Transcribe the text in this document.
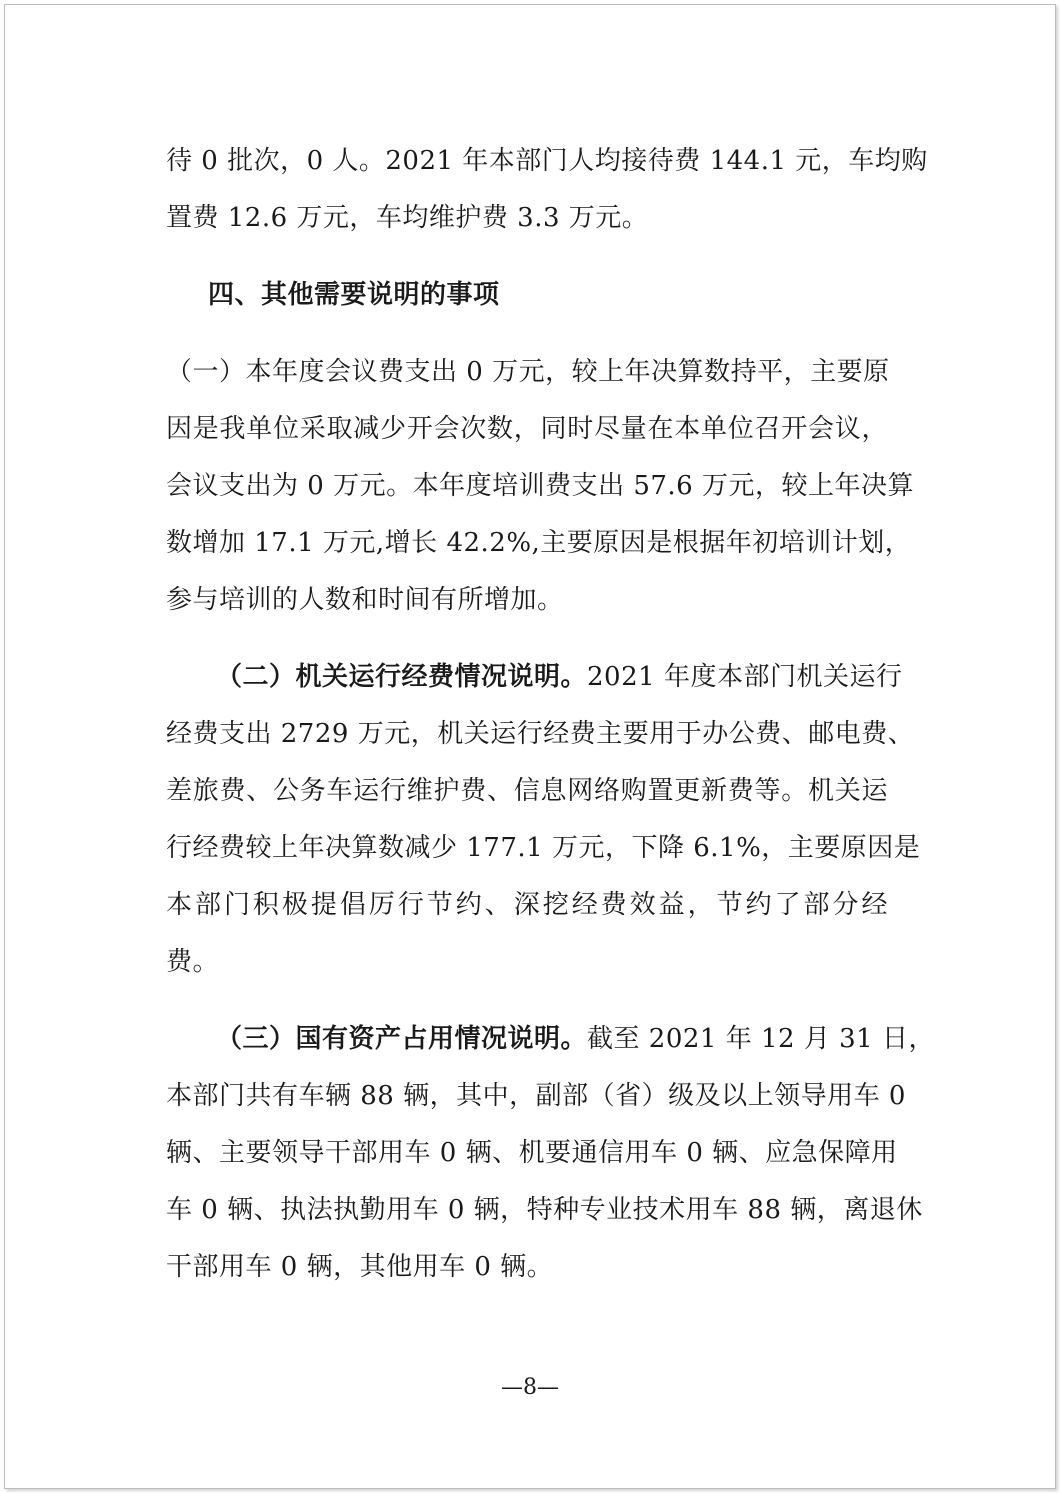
待 0 批次，0 人。2021 年本部门人均接待费 144.1 元，车均购
置费 12.6 万元，车均维护费 3.3 万元。
四、其他需要说明的事项
（一）本年度会议费支出 0 万元，较上年决算数持平，主要原
因是我单位采取减少开会次数，同时尽量在本单位召开会议，
会议支出为 0 万元。本年度培训费支出 57.6 万元，较上年决算
数增加 17.1 万元,增长 42.2%,主要原因是根据年初培训计划，
参与培训的人数和时间有所增加。
（二）机关运行经费情况说明。2021 年度本部门机关运行
经费支出 2729 万元，机关运行经费主要用于办公费、邮电费、
差旅费、公务车运行维护费、信息网络购置更新费等。机关运
行经费较上年决算数减少 177.1 万元，下降 6.1%，主要原因是
本部门积极提倡厉行节约、深挖经费效益，节约了部分经
费。
（三）国有资产占用情况说明。截至 2021 年 12 月 31 日，
本部门共有车辆 88 辆，其中，副部（省）级及以上领导用车 0
辆、主要领导干部用车 0 辆、机要通信用车 0 辆、应急保障用
车 0 辆、执法执勤用车 0 辆，特种专业技术用车 88 辆，离退休
干部用车 0 辆，其他用车 0 辆。
—8—
